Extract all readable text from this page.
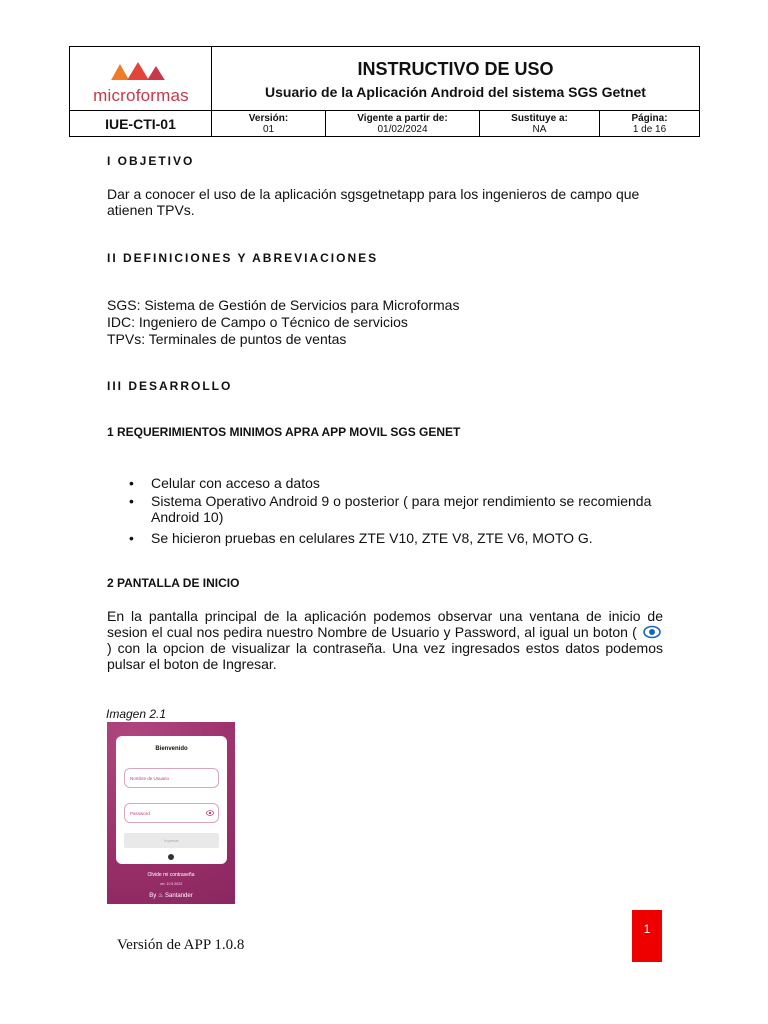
microformas
IUE-CTI-01
INSTRUCTIVO DE USO
Usuario de la Aplicación Android del sistema SGS Getnet
Versión:
01
Vigente a partir de:
01/02/2024
Sustituye a:
NA
Página:
1 de 16
I OBJETIVO
Dar a conocer el uso de la aplicación sgsgetnetapp para los ingenieros de campo que atienen TPVs.
II DEFINICIONES Y ABREVIACIONES
SGS: Sistema de Gestión de Servicios para Microformas
IDC: Ingeniero de Campo o Técnico de servicios
TPVs: Terminales de puntos de ventas
III DESARROLLO
1 REQUERIMIENTOS MINIMOS APRA APP MOVIL SGS GENET
• Celular con acceso a datos
• Sistema Operativo Android 9 o posterior ( para mejor rendimiento se recomienda Android 10)
• Se hicieron pruebas en celulares ZTE V10, ZTE V8, ZTE V6, MOTO G.
2 PANTALLA DE INICIO
En la pantalla principal de la aplicación podemos observar una ventana de inicio de sesion el cual nos pedira nuestro Nombre de Usuario y Password, al igual un boton (  ) con la opcion de visualizar la contraseña. Una vez ingresados estos datos podemos pulsar el boton de Ingresar.
Imagen 2.1
Bienvenido
Nombre de Usuario
Password
Ingresar
Olvide mi contraseña
ver. 10 8 2023
By ♨ Santander
1
Versión de APP 1.0.8
